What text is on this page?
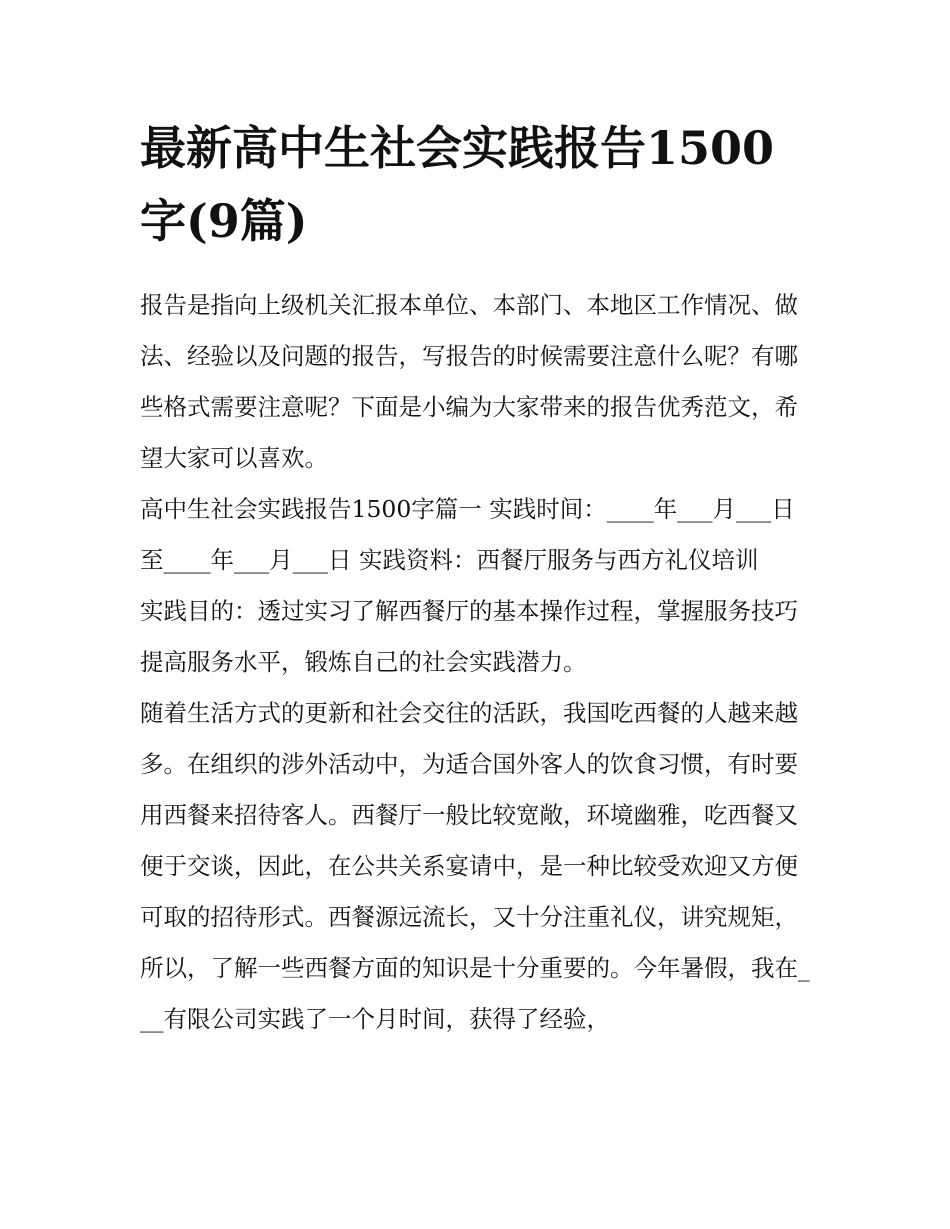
最新高中生社会实践报告1500字(9篇)

报告是指向上级机关汇报本单位、本部门、本地区工作情况、做法、经验以及问题的报告，写报告的时候需要注意什么呢？有哪些格式需要注意呢？下面是小编为大家带来的报告优秀范文，希望大家可以喜欢。

高中生社会实践报告1500字篇一 实践时间：____年___月___日至____年___月___日 实践资料：西餐厅服务与西方礼仪培训

实践目的：透过实习了解西餐厅的基本操作过程，掌握服务技巧提高服务水平，锻炼自己的社会实践潜力。

随着生活方式的更新和社会交往的活跃，我国吃西餐的人越来越多。在组织的涉外活动中，为适合国外客人的饮食习惯，有时要用西餐来招待客人。西餐厅一般比较宽敞，环境幽雅，吃西餐又便于交谈，因此，在公共关系宴请中，是一种比较受欢迎又方便可取的招待形式。西餐源远流长，又十分注重礼仪，讲究规矩，所以，了解一些西餐方面的知识是十分重要的。今年暑假，我在___有限公司实践了一个月时间，获得了经验，
